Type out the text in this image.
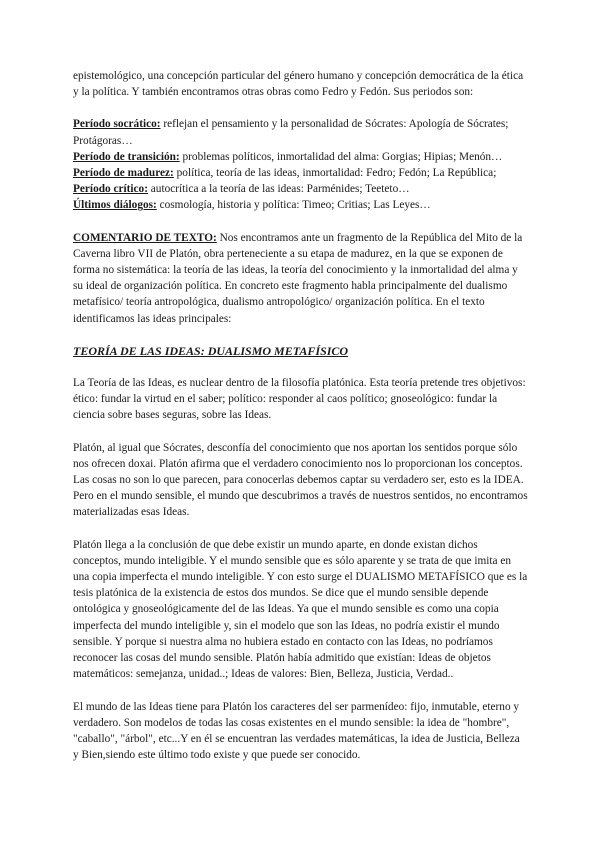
epistemológico, una concepción particular del género humano y concepción democrática de la ética y la política. Y también encontramos otras obras como Fedro y Fedón. Sus periodos son:

Período socrático: reflejan el pensamiento y la personalidad de Sócrates: Apología de Sócrates; Protágoras…

Período de transición: problemas políticos, inmortalidad del alma: Gorgias; Hipias; Menón…

Período de madurez: política, teoría de las ideas, inmortalidad: Fedro; Fedón; La República;

Período crítico: autocrítica a la teoría de las ideas: Parménides; Teeteto…

Últimos diálogos: cosmología, historia y política: Timeo; Critias; Las Leyes…

COMENTARIO DE TEXTO: Nos encontramos ante un fragmento de la República del Mito de la Caverna libro VII de Platón, obra perteneciente a su etapa de madurez, en la que se exponen de forma no sistemática: la teoría de las ideas, la teoría del conocimiento y la inmortalidad del alma y su ideal de organización política. En concreto este fragmento habla principalmente del dualismo metafísico/ teoría antropológica, dualismo antropológico/ organización política. En el texto identificamos las ideas principales:

TEORÍA DE LAS IDEAS: DUALISMO METAFÍSICO

La Teoría de las Ideas, es nuclear dentro de la filosofía platónica. Esta teoría pretende tres objetivos: ético: fundar la virtud en el saber; político: responder al caos político; gnoseológico: fundar la ciencia sobre bases seguras, sobre las Ideas.

Platón, al igual que Sócrates, desconfía del conocimiento que nos aportan los sentidos porque sólo nos ofrecen doxai. Platón afirma que el verdadero conocimiento nos lo proporcionan los conceptos. Las cosas no son lo que parecen, para conocerlas debemos captar su verdadero ser, esto es la IDEA. Pero en el mundo sensible, el mundo que descubrimos a través de nuestros sentidos, no encontramos materializadas esas Ideas.

Platón llega a la conclusión de que debe existir un mundo aparte, en donde existan dichos conceptos, mundo inteligible. Y el mundo sensible que es sólo aparente y se trata de que imita en una copia imperfecta el mundo inteligible. Y con esto surge el DUALISMO METAFÍSICO que es la tesis platónica de la existencia de estos dos mundos. Se dice que el mundo sensible depende ontológica y gnoseológicamente del de las Ideas. Ya que el mundo sensible es como una copia imperfecta del mundo inteligible y, sin el modelo que son las Ideas, no podría existir el mundo sensible. Y porque si nuestra alma no hubiera estado en contacto con las Ideas, no podríamos reconocer las cosas del mundo sensible. Platón había admitido que existían: Ideas de objetos matemáticos: semejanza, unidad..; Ideas de valores: Bien, Belleza, Justicia, Verdad..

El mundo de las Ideas tiene para Platón los caracteres del ser parmenídeo: fijo, inmutable, eterno y verdadero. Son modelos de todas las cosas existentes en el mundo sensible: la idea de "hombre", "caballo", "árbol", etc...Y en él se encuentran las verdades matemáticas, la idea de Justicia, Belleza y Bien,siendo este último todo existe y que puede ser conocido.
